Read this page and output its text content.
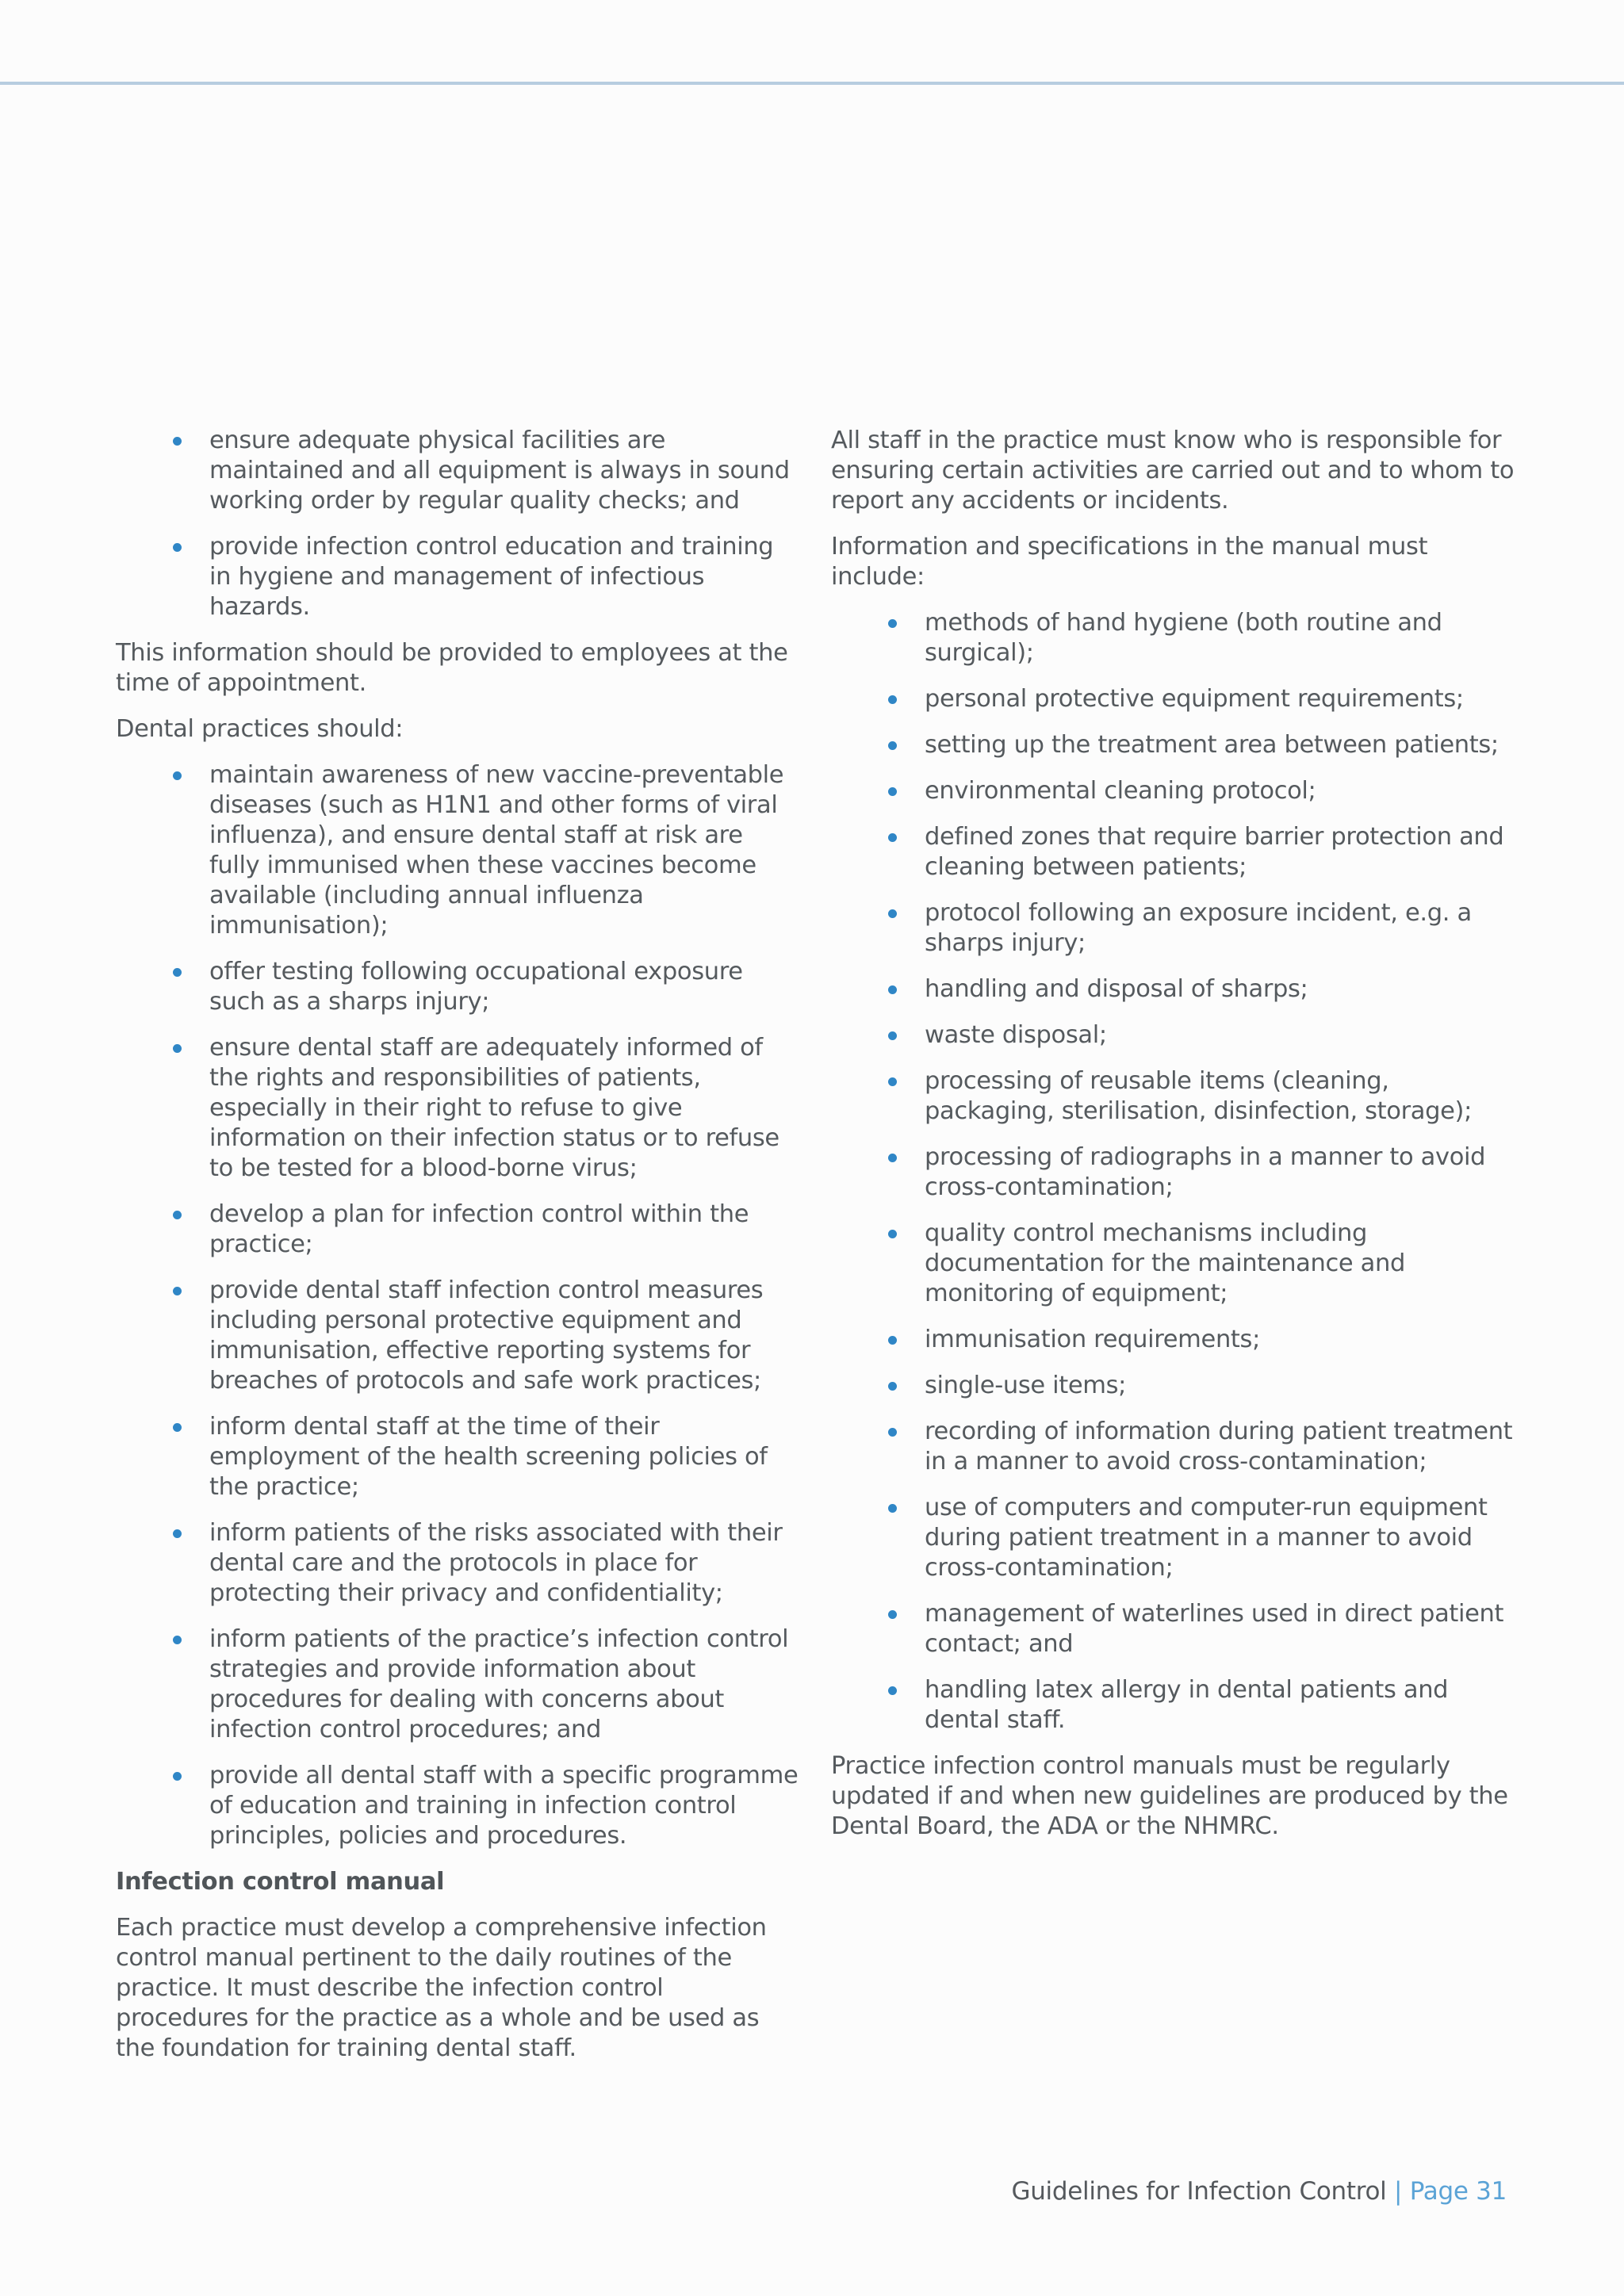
ensure adequate physical facilities are maintained and all equipment is always in sound working order by regular quality checks; and
provide infection control education and training in hygiene and management of infectious hazards.

This information should be provided to employees at the time of appointment.

Dental practices should:

maintain awareness of new vaccine-preventable diseases (such as H1N1 and other forms of viral influenza), and ensure dental staff at risk are fully immunised when these vaccines become available (including annual influenza immunisation);
offer testing following occupational exposure such as a sharps injury;
ensure dental staff are adequately informed of the rights and responsibilities of patients, especially in their right to refuse to give information on their infection status or to refuse to be tested for a blood-borne virus;
develop a plan for infection control within the practice;
provide dental staff infection control measures including personal protective equipment and immunisation, effective reporting systems for breaches of protocols and safe work practices;
inform dental staff at the time of their employment of the health screening policies of the practice;
inform patients of the risks associated with their dental care and the protocols in place for protecting their privacy and confidentiality;
inform patients of the practice’s infection control strategies and provide information about procedures for dealing with concerns about infection control procedures; and
provide all dental staff with a specific programme of education and training in infection control principles, policies and procedures.

Infection control manual

Each practice must develop a comprehensive infection control manual pertinent to the daily routines of the practice. It must describe the infection control procedures for the practice as a whole and be used as the foundation for training dental staff.

All staff in the practice must know who is responsible for ensuring certain activities are carried out and to whom to report any accidents or incidents.

Information and specifications in the manual must include:

methods of hand hygiene (both routine and surgical);
personal protective equipment requirements;
setting up the treatment area between patients;
environmental cleaning protocol;
defined zones that require barrier protection and cleaning between patients;
protocol following an exposure incident, e.g. a sharps injury;
handling and disposal of sharps;
waste disposal;
processing of reusable items (cleaning, packaging, sterilisation, disinfection, storage);
processing of radiographs in a manner to avoid cross-contamination;
quality control mechanisms including documentation for the maintenance and monitoring of equipment;
immunisation requirements;
single-use items;
recording of information during patient treatment in a manner to avoid cross-contamination;
use of computers and computer-run equipment during patient treatment in a manner to avoid cross-contamination;
management of waterlines used in direct patient contact; and
handling latex allergy in dental patients and dental staff.

Practice infection control manuals must be regularly updated if and when new guidelines are produced by the Dental Board, the ADA or the NHMRC.

Guidelines for Infection Control | Page 31
